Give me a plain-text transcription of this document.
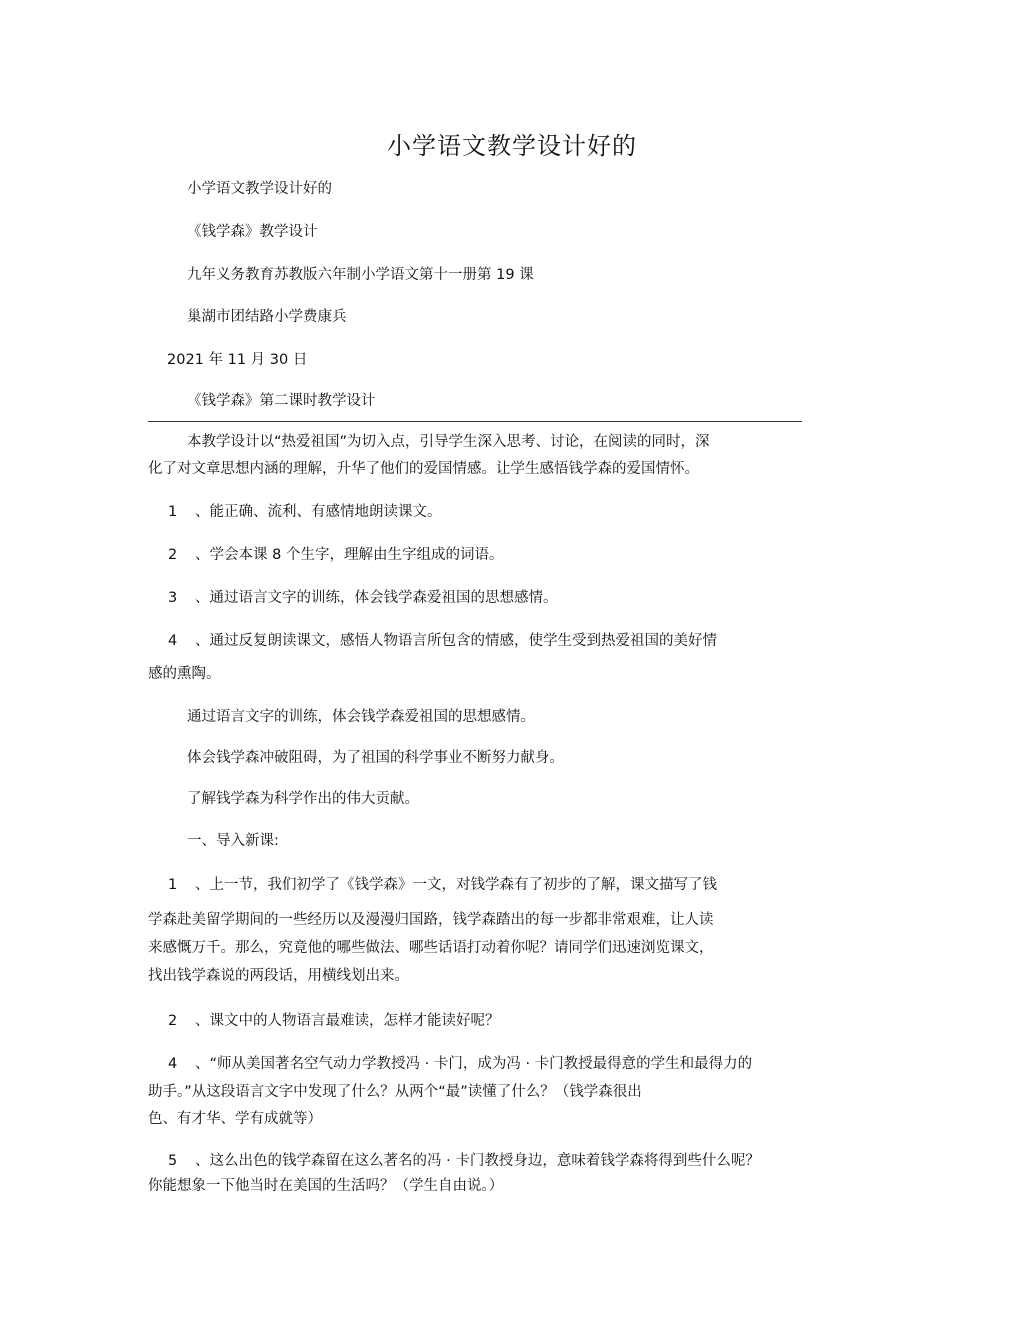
小学语文教学设计好的
小学语文教学设计好的
《钱学森》教学设计
九年义务教育苏教版六年制小学语文第十一册第 19 课
巢湖市团结路小学费康兵
2021 年 11 月 30 日
《钱学森》第二课时教学设计
本教学设计以“热爱祖国”为切入点，引导学生深入思考、讨论，在阅读的同时，深
化了对文章思想内涵的理解，升华了他们的爱国情感。让学生感悟钱学森的爱国情怀。
1 、能正确、流利、有感情地朗读课文。
2 、学会本课 8 个生字，理解由生字组成的词语。
3 、通过语言文字的训练，体会钱学森爱祖国的思想感情。
4 、通过反复朗读课文，感悟人物语言所包含的情感，使学生受到热爱祖国的美好情
感的熏陶。
通过语言文字的训练，体会钱学森爱祖国的思想感情。
体会钱学森冲破阻碍，为了祖国的科学事业不断努力献身。
了解钱学森为科学作出的伟大贡献。
一、导入新课:
1 、上一节，我们初学了《钱学森》一文，对钱学森有了初步的了解，课文描写了钱
学森赴美留学期间的一些经历以及漫漫归国路，钱学森踏出的每一步都非常艰难，让人读
来感慨万千。那么，究竟他的哪些做法、哪些话语打动着你呢？请同学们迅速浏览课文，
找出钱学森说的两段话，用横线划出来。
2 、课文中的人物语言最难读，怎样才能读好呢？
4 、“师从美国著名空气动力学教授冯 · 卡门，成为冯 · 卡门教授最得意的学生和最得力的
助手。”从这段语言文字中发现了什么？从两个“最”读懂了什么？（钱学森很出
色、有才华、学有成就等）
5 、这么出色的钱学森留在这么著名的冯 · 卡门教授身边，意味着钱学森将得到些什么呢？
你能想象一下他当时在美国的生活吗？（学生自由说。）
